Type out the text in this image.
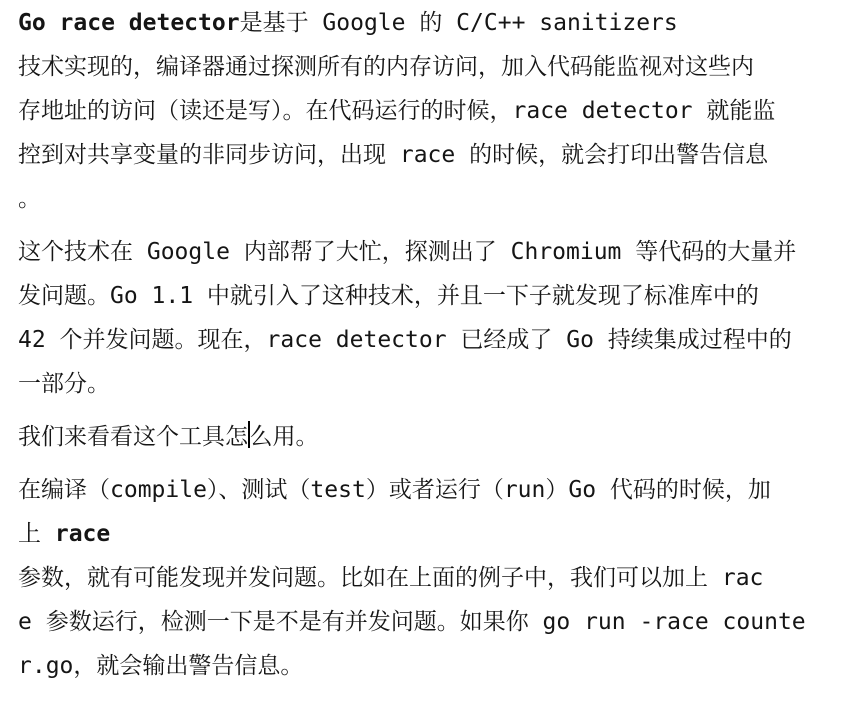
Go race detector是基于 Google 的 C/C++ sanitizers
技术实现的，编译器通过探测所有的内存访问，加入代码能监视对这些内
存地址的访问（读还是写）。在代码运行的时候，race detector 就能监
控到对共享变量的非同步访问，出现 race 的时候，就会打印出警告信息
。
这个技术在 Google 内部帮了大忙，探测出了 Chromium 等代码的大量并
发问题。Go 1.1 中就引入了这种技术，并且一下子就发现了标准库中的
42 个并发问题。现在，race detector 已经成了 Go 持续集成过程中的
一部分。
我们来看看这个工具怎么用。
在编译（compile）、测试（test）或者运行（run）Go 代码的时候，加
上 race
参数，就有可能发现并发问题。比如在上面的例子中，我们可以加上 rac
e 参数运行，检测一下是不是有并发问题。如果你 go run -race counte
r.go，就会输出警告信息。
